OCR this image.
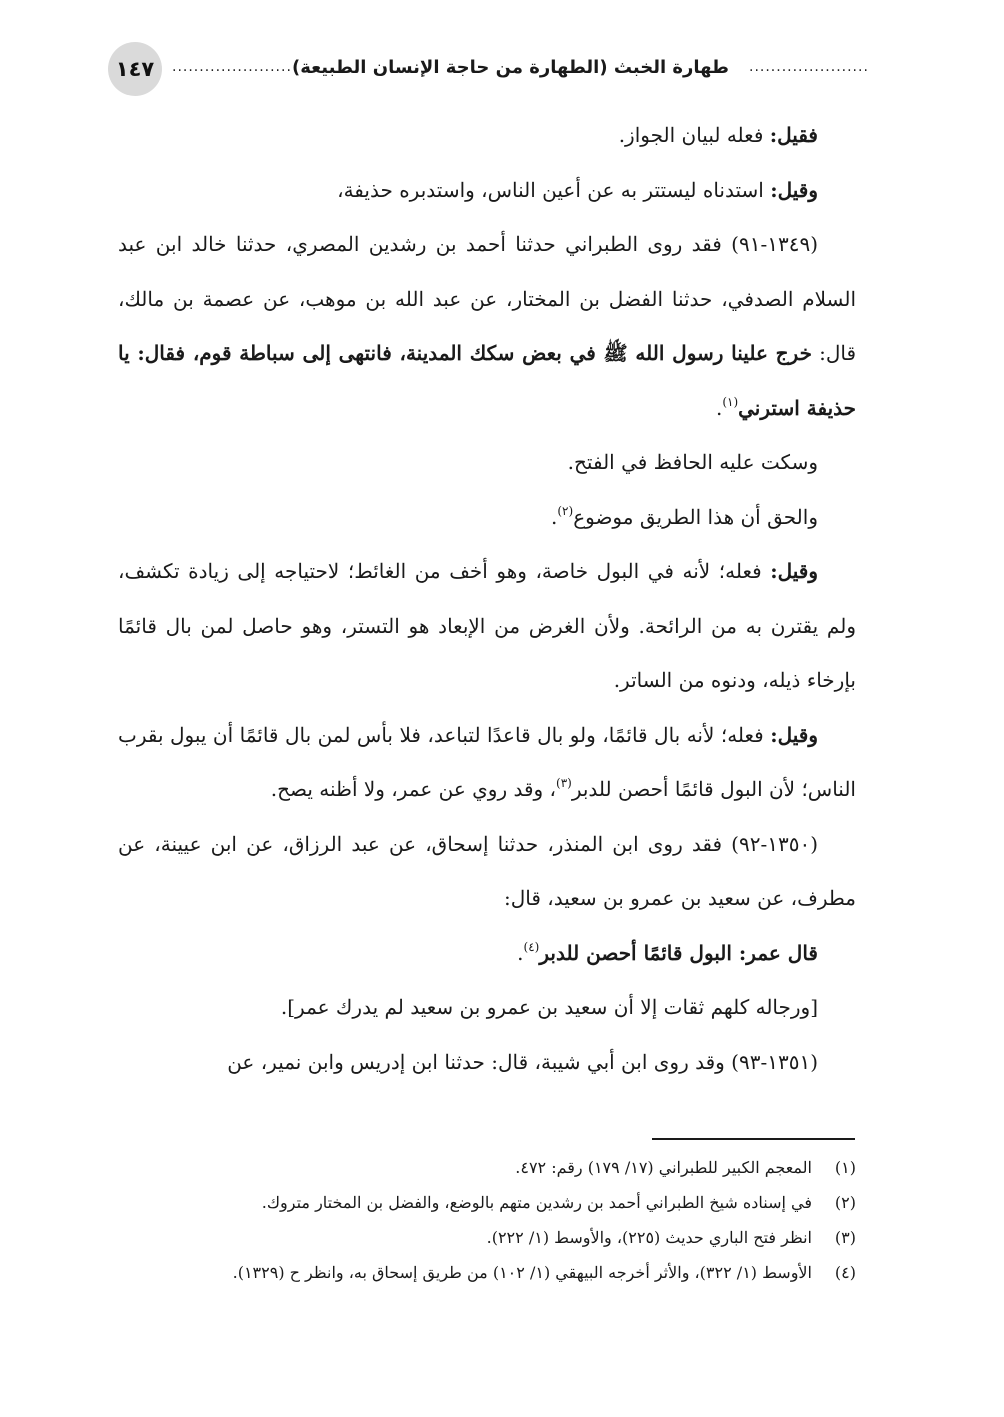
١٤٧	......................
طهارة الخبث (الطهارة من حاجة الإنسان الطبيعة)
......................

فقيل: فعله لبيان الجواز.

وقيل: استدناه ليستتر به عن أعين الناس، واستدبره حذيفة،

(١٣٤٩-٩١) فقد روى الطبراني حدثنا أحمد بن رشدين المصري، حدثنا خالد ابن عبد السلام الصدفي، حدثنا الفضل بن المختار، عن عبد الله بن موهب، عن عصمة بن مالك، قال: خرج علينا رسول الله ﷺ في بعض سكك المدينة، فانتهى إلى سباطة قوم، فقال: يا حذيفة استرني$^{(١)}$.

وسكت عليه الحافظ في الفتح.

والحق أن هذا الطريق موضوع$^{(٢)}$.

وقيل: فعله؛ لأنه في البول خاصة، وهو أخف من الغائط؛ لاحتياجه إلى زيادة تكشف، ولم يقترن به من الرائحة. ولأن الغرض من الإبعاد هو التستر، وهو حاصل لمن بال قائمًا بإرخاء ذيله، ودنوه من الساتر.

وقيل: فعله؛ لأنه بال قائمًا، ولو بال قاعدًا لتباعد، فلا بأس لمن بال قائمًا أن يبول بقرب الناس؛ لأن البول قائمًا أحصن للدبر$^{(٣)}$، وقد روي عن عمر، ولا أظنه يصح.

(١٣٥٠-٩٢) فقد روى ابن المنذر، حدثنا إسحاق، عن عبد الرزاق، عن ابن عيينة، عن مطرف، عن سعيد بن عمرو بن سعيد، قال:

قال عمر: البول قائمًا أحصن للدبر$^{(٤)}$.

[ورجاله كلهم ثقات إلا أن سعيد بن عمرو بن سعيد لم يدرك عمر].

(١٣٥١-٩٣) وقد روى ابن أبي شيبة، قال: حدثنا ابن إدريس وابن نمير، عن

(١)
المعجم الكبير للطبراني (١٧/ ١٧٩) رقم: ٤٧٢.
(٢)
في إسناده شيخ الطبراني أحمد بن رشدين متهم بالوضع، والفضل بن المختار متروك.
(٣)
انظر فتح الباري حديث (٢٢٥)، والأوسط (١/ ٢٢٢).
(٤)
الأوسط (١/ ٣٢٢)، والأثر أخرجه البيهقي (١/ ١٠٢) من طريق إسحاق به، وانظر ح (١٣٢٩).
